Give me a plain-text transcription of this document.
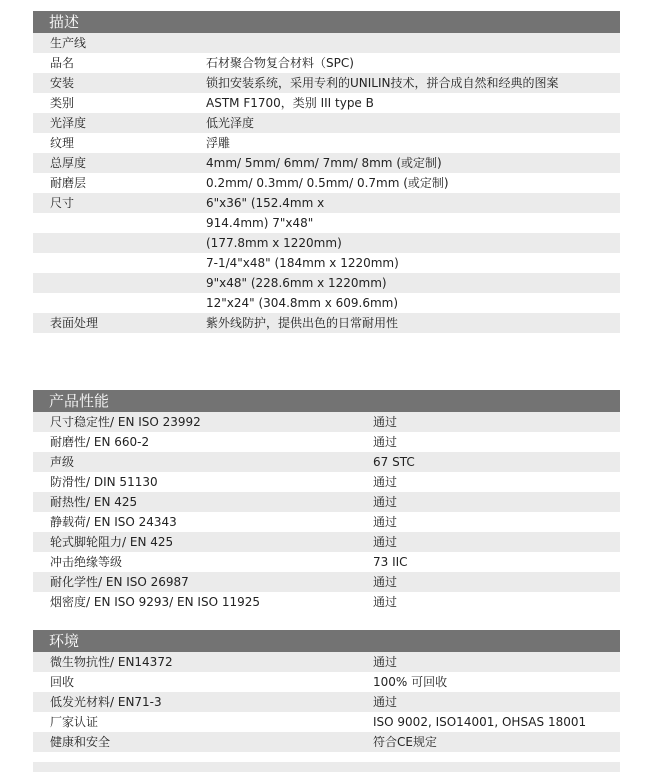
描述
生产线
品名	石材聚合物复合材料（SPC)
安装	锁扣安装系统，采用专利的UNILIN技术，拼合成自然和经典的图案
类别	ASTM F1700，类别 III type B
光泽度	低光泽度
纹理	浮雕
总厚度	4mm/ 5mm/ 6mm/ 7mm/ 8mm (或定制)
耐磨层	0.2mm/ 0.3mm/ 0.5mm/ 0.7mm (或定制)
尺寸	6"x36" (152.4mm x
914.4mm) 7"x48"
(177.8mm x 1220mm)
7-1/4"x48" (184mm x 1220mm)
9"x48" (228.6mm x 1220mm)
12"x24" (304.8mm x 609.6mm)
表面处理	紫外线防护，提供出色的日常耐用性
产品性能
尺寸稳定性/ EN ISO 23992	通过
耐磨性/ EN 660-2	通过
声级	67 STC
防滑性/ DIN 51130	通过
耐热性/ EN 425	通过
静载荷/ EN ISO 24343	通过
轮式脚轮阻力/ EN 425	通过
冲击绝缘等级	73 IIC
耐化学性/ EN ISO 26987	通过
烟密度/ EN ISO 9293/ EN ISO 11925	通过
环境
微生物抗性/ EN14372	通过
回收	100% 可回收
低发光材料/ EN71-3	通过
厂家认证	ISO 9002, ISO14001, OHSAS 18001
健康和安全	符合CE规定
